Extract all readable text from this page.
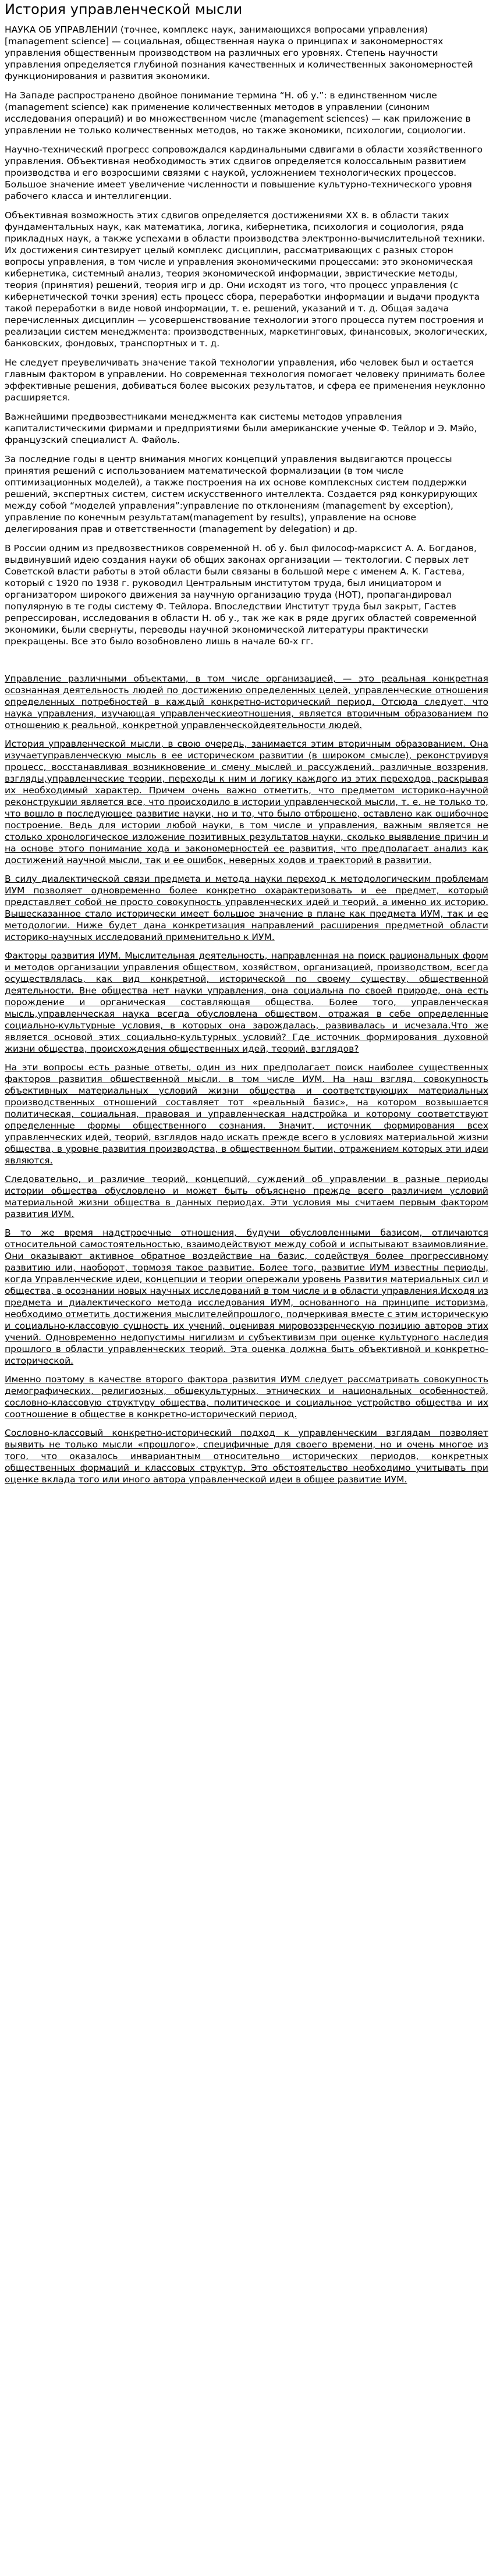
История управленческой мысли

НАУКА ОБ УПРАВЛЕНИИ (точнее, комплекс наук, занимающихся вопросами управления) [management science] — социальная, общественная наука о принципах и закономерностях управления общественным производством на различных его уровнях. Степень научности управления определяется глубиной познания качественных и количественных закономерностей функционирования и развития экономики.

На Западе распространено двойное понимание термина “Н. об у.”: в единственном числе (management science) как применение количественных методов в управлении (синоним исследования операций) и во множественном числе (management sciences) — как приложение в управлении не только количественных методов, но также экономики, психологии, социологии.

Научно-технический прогресс сопровождался кардинальными сдвигами в области хозяйственного управления. Объективная необходимость этих сдвигов определяется колоссальным развитием производства и его возросшими связями с наукой, усложнением технологических процессов. Большое значение имеет увеличение численности и повышение культурно-технического уровня рабочего класса и интеллигенции.

Объективная возможность этих сдвигов определяется достижениями XX в. в области таких фундаментальных наук, как математика, логика, кибернетика, психология и социология, ряда прикладных наук, а также успехами в области производства электронно-вычислительной техники. Их достижения синтезирует целый комплекс дисциплин, рассматривающих с разных сторон вопросы управления, в том числе и управления экономическими процессами: это экономическая кибернетика, системный анализ, теория экономической информации, эвристические методы, теория (принятия) решений, теория игр и др. Они исходят из того, что процесс управления (с кибернетической точки зрения) есть процесс сбора, переработки информации и выдачи продукта такой переработки в виде новой информации, т. е. решений, указаний и т. д. Общая задача перечисленных дисциплин — усовершенствование технологии этого процесса путем построения и реализации систем менеджмента: производственных, маркетинговых, финансовых, экологических, банковских, фондовых, транспортных и т. д.

Не следует преувеличивать значение такой технологии управления, ибо человек был и остается главным фактором в управлении. Но современная технология помогает человеку принимать более эффективные решения, добиваться более высоких результатов, и сфера ее применения неуклонно расширяется.

Важнейшими предвозвестниками менеджмента как системы методов управления капиталистическими фирмами и предприятиями были американские ученые Ф. Тейлор и Э. Мэйо, французский специалист А. Файоль.

За последние годы в центр внимания многих концепций управления выдвигаются процессы принятия решений с использованием математической формализации (в том числе оптимизационных моделей), а также построения на их основе комплексных систем поддержки решений, экспертных систем, систем искусственного интеллекта. Создается ряд конкурирующих между собой “моделей управления”:управление по отклонениям (management by exception), управление по конечным результатам(management by results), управление на основе делегирования прав и ответственности (management by delegation) и др.

В России одним из предвозвестников современной Н. об у. был философ-марксист А. А. Богданов, выдвинувший идею создания науки об общих законах организации — тектологии. С первых лет Советской власти работы в этой области были связаны в большой мере с именем А. К. Гастева, который с 1920 по 1938 г. руководил Центральным институтом труда, был инициатором и организатором широкого движения за научную организацию труда (НОТ), пропагандировал популярную в те годы систему Ф. Тейлора. Впоследствии Институт труда был закрыт, Гастев репрессирован, исследования в области Н. об у., так же как в ряде других областей современной экономики, были свернуты, переводы научной экономической литературы практически прекращены. Все это было возобновлено лишь в начале 60-х гг.

Управление различными объектами, в том числе организацией, — это реальная конкретная осознанная деятельность людей по достижению определенных целей, управленческие отношения определенных потребностей в каждый конкретно-исторический период. Отсюда следует, что наука управления, изучающая управленческиеотношения, является вторичным образованием по отношению к реальной, конкретной управленческойдеятельности людей.

История управленческой мысли, в свою очередь, занимается этим вторичным образованием. Она изучаетуправленческую мысль в ее историческом развитии (в широком смысле), реконструируя процесс, восстанавливая возникновение и смену мыслей и рассуждений, различные воззрения, взгляды,управленческие теории, переходы к ним и логику каждого из этих переходов, раскрывая их необходимый характер. Причем очень важно отметить, что предметом историко-научной реконструкции является все, что происходило в истории управленческой мысли, т. е. не только то, что вошло в последующее развитие науки, но и то, что было отброшено, оставлено как ошибочное построение. Ведь для истории любой науки, в том числе и управления, важным является не столько хронологическое изложение позитивных результатов науки, сколько выявление причин и на основе этого понимание хода и закономерностей ее развития, что предполагает анализ как достижений научной мысли, так и ее ошибок, неверных ходов и траекторий в развитии.

В силу диалектической связи предмета и метода науки переход к методологическим проблемам ИУМ позволяет одновременно более конкретно охарактеризовать и ее предмет, который представляет собой не просто совокупность управленческих идей и теорий, а именно их историю. Вышесказанное стало исторически имеет большое значение в плане как предмета ИУМ, так и ее методологии. Ниже будет дана конкретизация направлений расширения предметной области историко-научных исследований применительно к ИУМ.

Факторы развития ИУМ. Мыслительная деятельность, направленная на поиск рациональных форм и методов организации управления обществом, хозяйством, организацией, производством, всегда осуществлялась, как вид конкретной, исторической по своему существу, общественной деятельности. Вне общества нет науки управления, она социальна по своей природе, она есть порождение и органическая составляющая общества. Более того, управленческая мысль,управленческая наука всегда обусловлена обществом, отражая в себе определенные социально-культурные условия, в которых она зарождалась, развивалась и исчезала.Что же является основой этих социально-культурных условий? Где источник формирования духовной жизни общества, происхождения общественных идей, теорий, взглядов?

На эти вопросы есть разные ответы, один из них предполагает поиск наиболее существенных факторов развития общественной мысли, в том числе ИУМ. На наш взгляд, совокупность объективных материальных условий жизни общества и соответствующих материальных производственных отношений составляет тот «реальный базис», на котором возвышается политическая, социальная, правовая и управленческая надстройка и которому соответствуют определенные формы общественного сознания. Значит, источник формирования всех управленческих идей, теорий, взглядов надо искать прежде всего в условиях материальной жизни общества, в уровне развития производства, в общественном бытии, отражением которых эти идеи являются.

Следовательно, и различие теорий, концепций, суждений об управлении в разные периоды истории общества обусловлено и может быть объяснено прежде всего различием условий материальной жизни общества в данных периодах. Эти условия мы считаем первым фактором развития ИУМ.

В то же время надстроечные отношения, будучи обусловленными базисом, отличаются относительной самостоятельностью, взаимодействуют между собой и испытывают взаимовлияние. Они оказывают активное обратное воздействие на базис, содействуя более прогрессивному развитию или, наоборот, тормозя такое развитие. Более того, развитие ИУМ известны периоды, когда Управленческие идеи, концепции и теории опережали уровень Развития материальных сил и общества, в осознании новых научных исследований в том числе и в области управления.Исходя из предмета и диалектического метода исследования ИУМ, основанного на принципе историзма, необходимо отметить достижения мыслителейпрошлого, подчеркивая вместе с этим историческую и социально-классовую сущность их учений, оценивая мировоззренческую позицию авторов этих учений. Одновременно недопустимы нигилизм и субъективизм при оценке культурного наследия прошлого в области управленческих теорий. Эта оценка должна быть объективной и конкретно-исторической.

Именно поэтому в качестве второго фактора развития ИУМ следует рассматривать совокупность демографических, религиозных, общекультурных, этнических и национальных особенностей, сословно-классовую структуру общества, политическое и социальное устройство общества и их соотношение в обществе в конкретно-исторический период.

Сословно-классовый конкретно-исторический подход к управленческим взглядам позволяет выявить не только мысли «прошлого», специфичные для своего времени, но и очень многое из того, что оказалось инвариантным относительно исторических периодов, конкретных общественных формаций и классовых структур. Это обстоятельство необходимо учитывать при оценке вклада того или иного автора управленческой идеи в общее развитие ИУМ.
